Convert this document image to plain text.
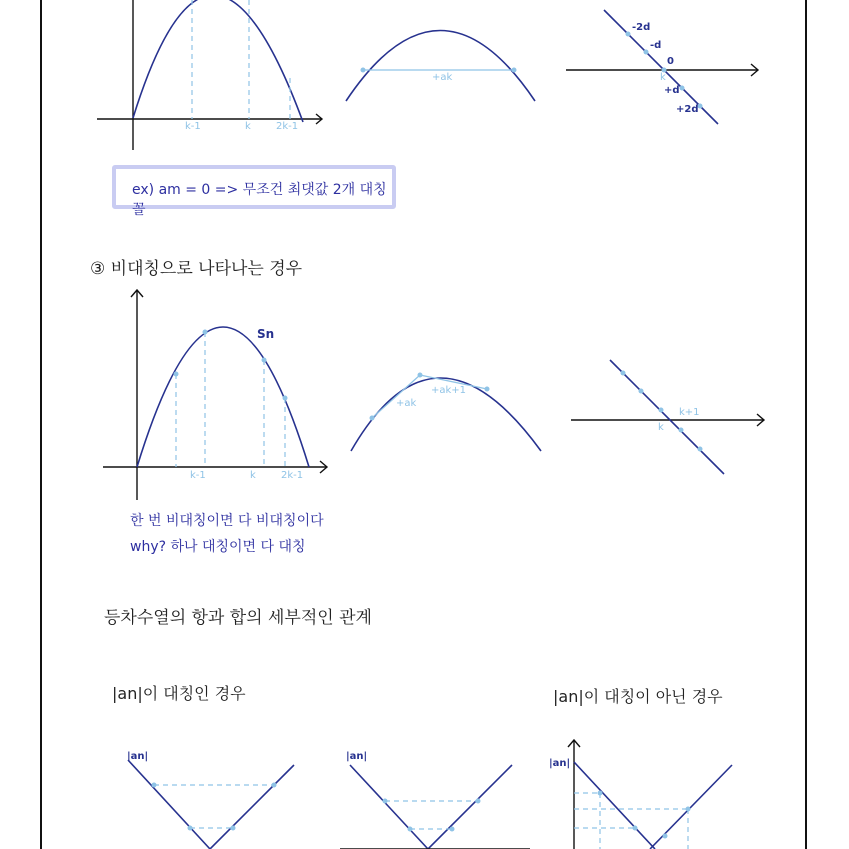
k-1	k	2k-1
+ak
-2d
-d
0
k
+d
+2d
ex) am = 0 => 무조건 최댓값 2개 대칭꼴
③ 비대칭으로 나타나는 경우
Sn
k-1	k	2k-1
+ak
+ak+1
k
k+1
한 번 비대칭이면 다 비대칭이다
why? 하나 대칭이면 다 대칭
등차수열의 항과 합의 세부적인 관계
|an|이 대칭인 경우	|an|이 대칭이 아닌 경우
|an|	|an|
|an|
